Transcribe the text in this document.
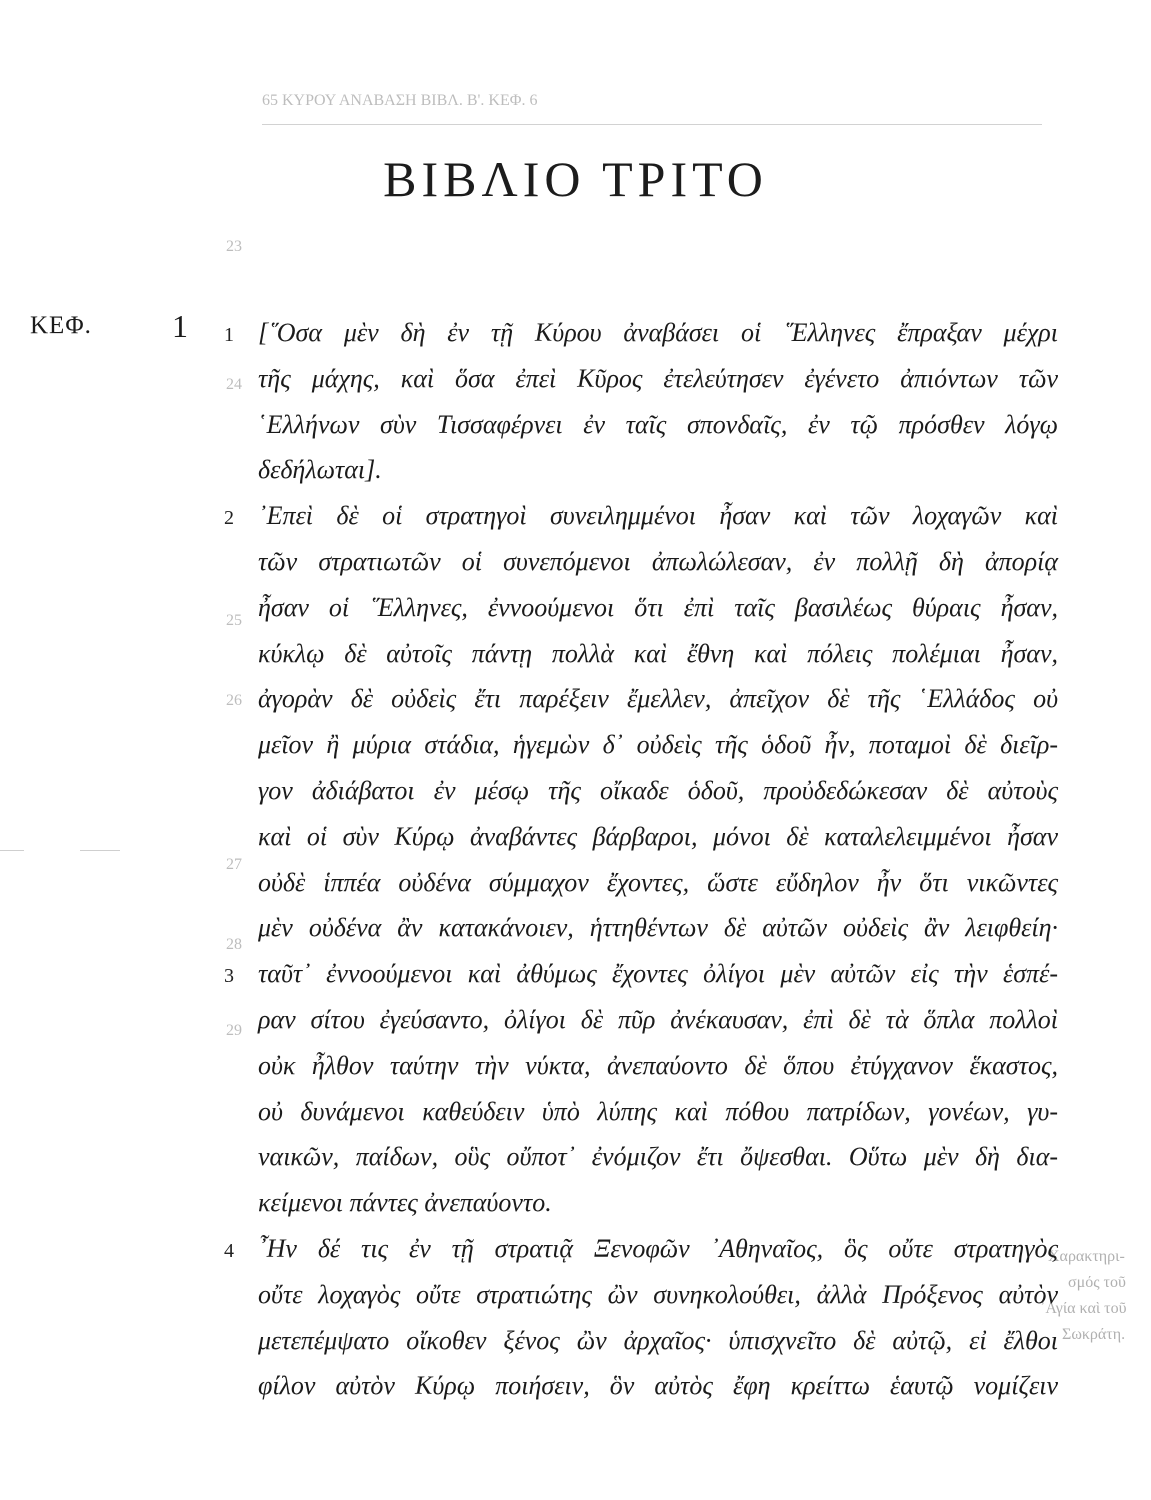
ΚΥΡΟΥ ΑΝΑΒΑΣΗ ΒΙΒΛ. Β'. ΚΕΦ. 6
65
23
24
25
26
27
28
29
Χαρακτηρι-
σμός τοῦ
᾿Αγία καὶ τοῦ
Σωκράτη.
ΒΙΒΛΙΟ ΤΡΙΤΟ
ΚΕΦ.	1	[῞Οσα μὲν δὴ ἐν τῇ Κύρου ἀναβάσει οἱ ῞Ελληνες ἔπραξαν μέχρι
1
τῆς μάχης, καὶ ὅσα ἐπεὶ Κῦρος ἐτελεύτησεν ἐγένετο ἀπιόντων τῶν
῾Ελλήνων σὺν Τισσαφέρνει ἐν ταῖς σπονδαῖς, ἐν τῷ πρόσθεν λόγῳ
δεδήλωται].
᾿Επεὶ δὲ οἱ στρατηγοὶ συνειλημμένοι ἦσαν καὶ τῶν λοχαγῶν καὶ
2
τῶν στρατιωτῶν οἱ συνεπόμενοι ἀπωλώλεσαν, ἐν πολλῇ δὴ ἀπορίᾳ
ἦσαν οἱ ῞Ελληνες, ἐννοούμενοι ὅτι ἐπὶ ταῖς βασιλέως θύραις ἦσαν,
κύκλῳ δὲ αὐτοῖς πάντῃ πολλὰ καὶ ἔθνη καὶ πόλεις πολέμιαι ἦσαν,
ἀγορὰν δὲ οὐδεὶς ἔτι παρέξειν ἔμελλεν, ἀπεῖχον δὲ τῆς ῾Ελλάδος οὐ
μεῖον ἢ μύρια στάδια, ἡγεμὼν δ᾿ οὐδεὶς τῆς ὁδοῦ ἦν, ποταμοὶ δὲ διεῖρ-
γον ἀδιάβατοι ἐν μέσῳ τῆς οἴκαδε ὁδοῦ, προὐδεδώκεσαν δὲ αὐτοὺς
καὶ οἱ σὺν Κύρῳ ἀναβάντες βάρβαροι, μόνοι δὲ καταλελειμμένοι ἦσαν
οὐδὲ ἱππέα οὐδένα σύμμαχον ἔχοντες, ὥστε εὔδηλον ἦν ὅτι νικῶντες
μὲν οὐδένα ἂν κατακάνοιεν, ἡττηθέντων δὲ αὐτῶν οὐδεὶς ἂν λειφθείη·
ταῦτ᾿ ἐννοούμενοι καὶ ἀθύμως ἔχοντες ὀλίγοι μὲν αὐτῶν εἰς τὴν ἑσπέ-
3
ραν σίτου ἐγεύσαντο, ὀλίγοι δὲ πῦρ ἀνέκαυσαν, ἐπὶ δὲ τὰ ὅπλα πολλοὶ
οὐκ ἦλθον ταύτην τὴν νύκτα, ἀνεπαύοντο δὲ ὅπου ἐτύγχανον ἕκαστος,
οὐ δυνάμενοι καθεύδειν ὑπὸ λύπης καὶ πόθου πατρίδων, γονέων, γυ-
ναικῶν, παίδων, οὓς οὔποτ᾿ ἐνόμιζον ἔτι ὄψεσθαι. Οὕτω μὲν δὴ δια-
κείμενοι πάντες ἀνεπαύοντο.
῏Ην δέ τις ἐν τῇ στρατιᾷ Ξενοφῶν ᾿Αθηναῖος, ὃς οὔτε στρατηγὸς
4
οὔτε λοχαγὸς οὔτε στρατιώτης ὢν συνηκολούθει, ἀλλὰ Πρόξενος αὐτὸν
μετεπέμψατο οἴκοθεν ξένος ὢν ἀρχαῖος· ὑπισχνεῖτο δὲ αὐτῷ, εἰ ἔλθοι
φίλον αὐτὸν Κύρῳ ποιήσειν, ὃν αὐτὸς ἔφη κρείττω ἑαυτῷ νομίζειν
